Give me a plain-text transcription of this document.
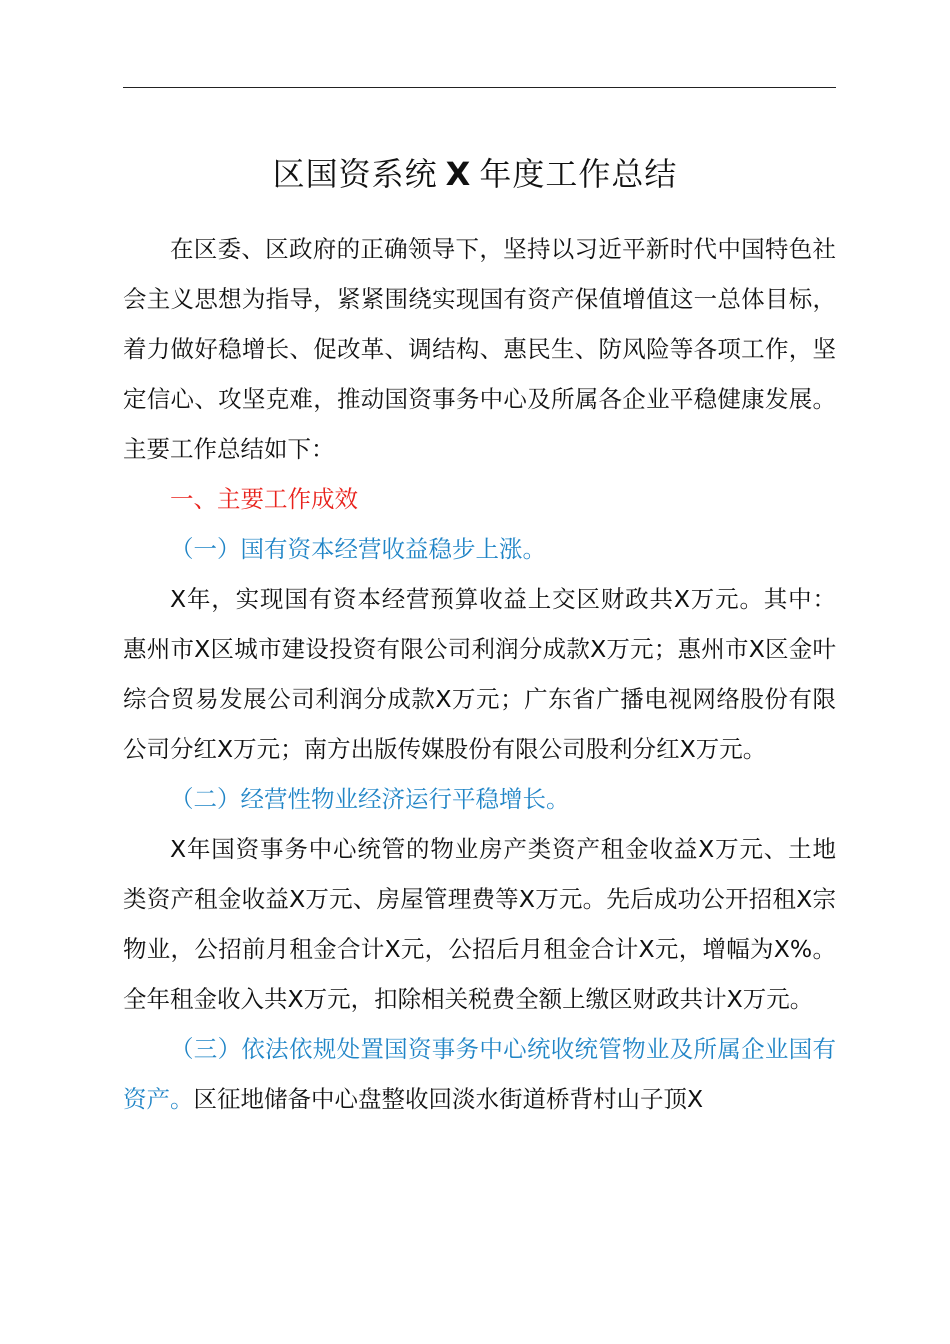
区国资系统 X 年度工作总结

在区委、区政府的正确领导下，坚持以习近平新时代中国特色社会主义思想为指导，紧紧围绕实现国有资产保值增值这一总体目标，着力做好稳增长、促改革、调结构、惠民生、防风险等各项工作，坚定信心、攻坚克难，推动国资事务中心及所属各企业平稳健康发展。主要工作总结如下：

一、主要工作成效

（一）国有资本经营收益稳步上涨。

X年，实现国有资本经营预算收益上交区财政共X万元。其中：惠州市X区城市建设投资有限公司利润分成款X万元；惠州市X区金叶综合贸易发展公司利润分成款X万元；广东省广播电视网络股份有限公司分红X万元；南方出版传媒股份有限公司股利分红X万元。

（二）经营性物业经济运行平稳增长。

X年国资事务中心统管的物业房产类资产租金收益X万元、土地类资产租金收益X万元、房屋管理费等X万元。先后成功公开招租X宗物业，公招前月租金合计X元，公招后月租金合计X元，增幅为X%。全年租金收入共X万元，扣除相关税费全额上缴区财政共计X万元。

（三）依法依规处置国资事务中心统收统管物业及所属企业国有资产。区征地储备中心盘整收回淡水街道桥背村山子顶X
